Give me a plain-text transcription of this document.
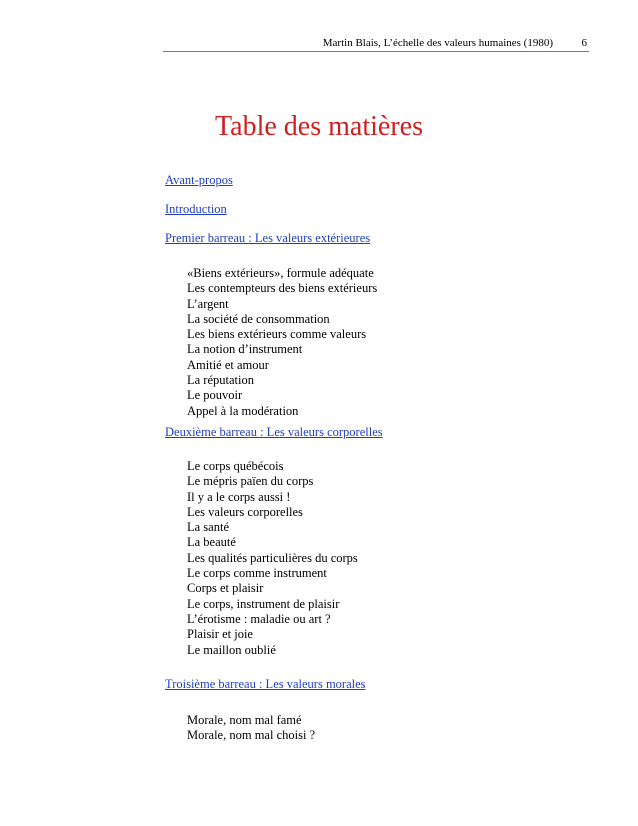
Martin Blais, L’échelle des valeurs humaines (1980)	6
Table des matières
Avant-propos
Introduction
Premier barreau : Les valeurs extérieures
«Biens extérieurs», formule adéquate
Les contempteurs des biens extérieurs
L’argent
La société de consommation
Les biens extérieurs comme valeurs
La notion d’instrument
Amitié et amour
La réputation
Le pouvoir
Appel à la modération
Deuxième barreau : Les valeurs corporelles
Le corps québécois
Le mépris païen du corps
Il y a le corps aussi !
Les valeurs corporelles
La santé
La beauté
Les qualités particulières du corps
Le corps comme instrument
Corps et plaisir
Le corps, instrument de plaisir
L’érotisme : maladie ou art ?
Plaisir et joie
Le maillon oublié
Troisième barreau : Les valeurs morales
Morale, nom mal famé
Morale, nom mal choisi ?
